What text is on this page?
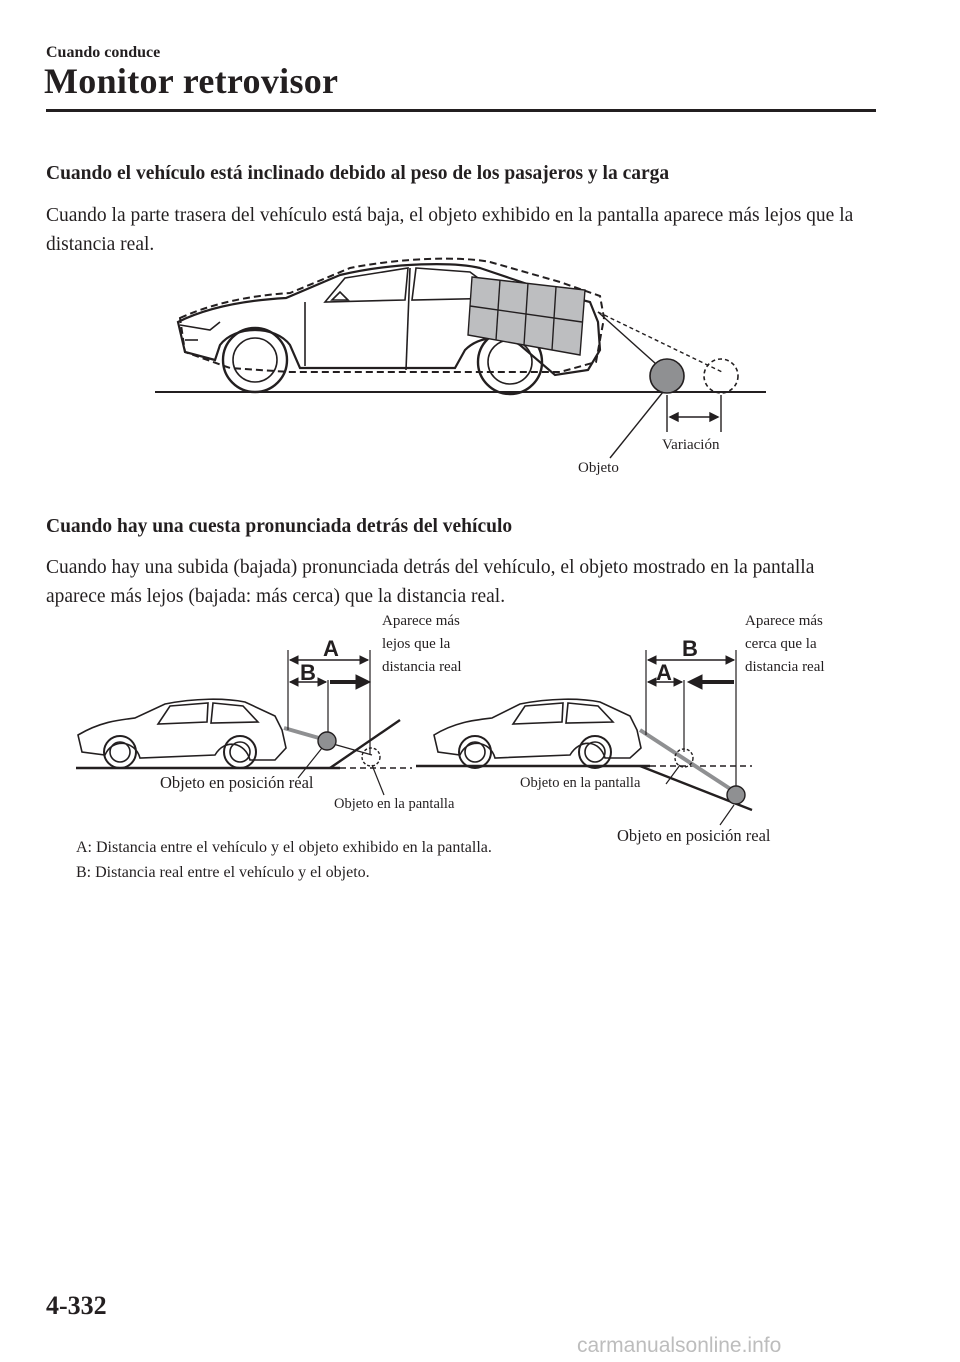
Cuando conduce
Monitor retrovisor
Cuando el vehículo está inclinado debido al peso de los pasajeros y la carga
Cuando la parte trasera del vehículo está baja, el objeto exhibido en la pantalla aparece más lejos que la distancia real.
Variación
Objeto
Cuando hay una cuesta pronunciada detrás del vehículo
Cuando hay una subida (bajada) pronunciada detrás del vehículo, el objeto mostrado en la pantalla aparece más lejos (bajada: más cerca) que la distancia real.
A
B
Aparece más
lejos que la
distancia real
Objeto en posición real
Objeto en la pantalla
B
A
Aparece más
cerca que la
distancia real
Objeto en la pantalla
Objeto en posición real
A: Distancia entre el vehículo y el objeto exhibido en la pantalla.
B: Distancia real entre el vehículo y el objeto.
4-332
carmanualsonline.info
